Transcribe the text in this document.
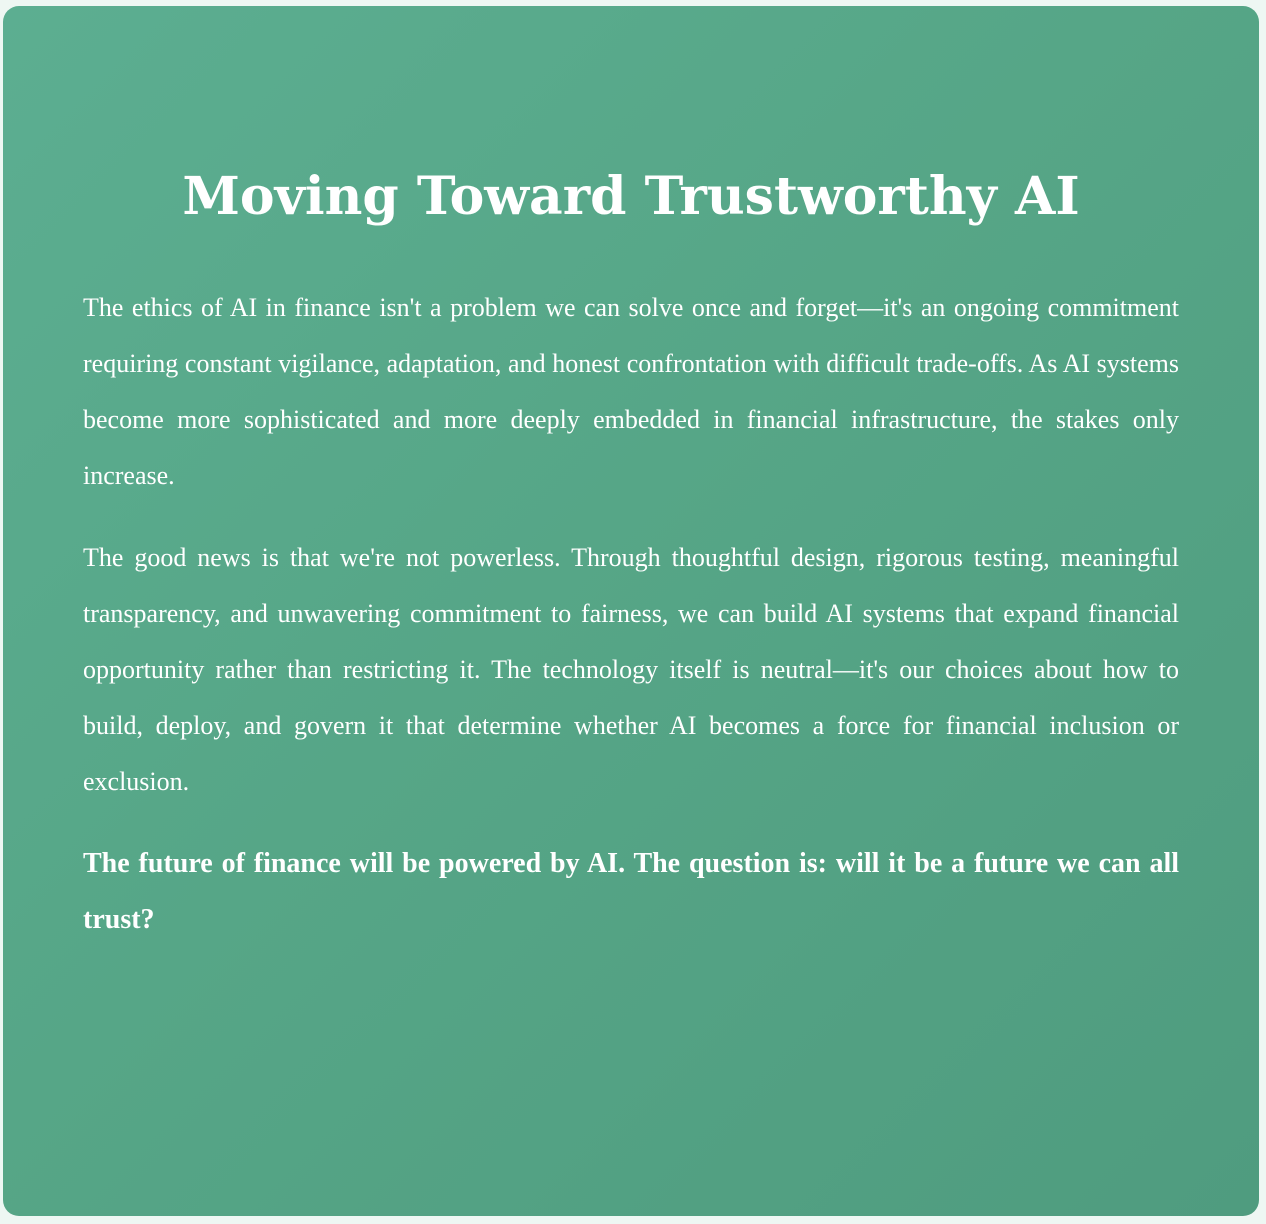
Moving Toward Trustworthy AI

The ethics of AI in finance isn't a problem we can solve once and forget—it's an ongoing commitment requiring constant vigilance, adaptation, and honest confrontation with difficult trade-offs. As AI systems become more sophisticated and more deeply embedded in financial infrastructure, the stakes only increase.

The good news is that we're not powerless. Through thoughtful design, rigorous testing, meaningful transparency, and unwavering commitment to fairness, we can build AI systems that expand financial opportunity rather than restricting it. The technology itself is neutral—it's our choices about how to build, deploy, and govern it that determine whether AI becomes a force for financial inclusion or exclusion.

The future of finance will be powered by AI. The question is: will it be a future we can all trust?
